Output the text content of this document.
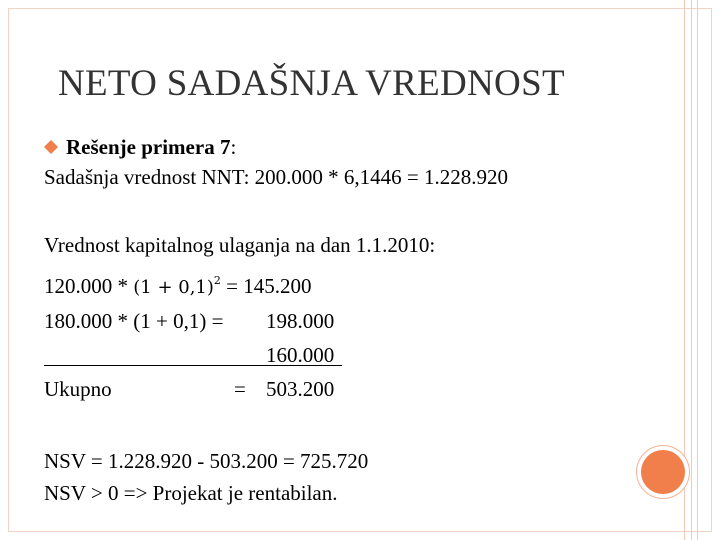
NETO SADAŠNJA VREDNOST
Rešenje primera 7:
Sadašnja vrednost NNT: 200.000 * 6,1446 = 1.228.920
Vrednost kapitalnog ulaganja na dan 1.1.2010:
$120.000 * (1 + 0,1)^2 = 145.200$
180.000 * (1 + 0,1) = 198.000
160.000
Ukupno	= 503.200
NSV = 1.228.920 - 503.200 = 725.720
NSV > 0 => Projekat je rentabilan.
